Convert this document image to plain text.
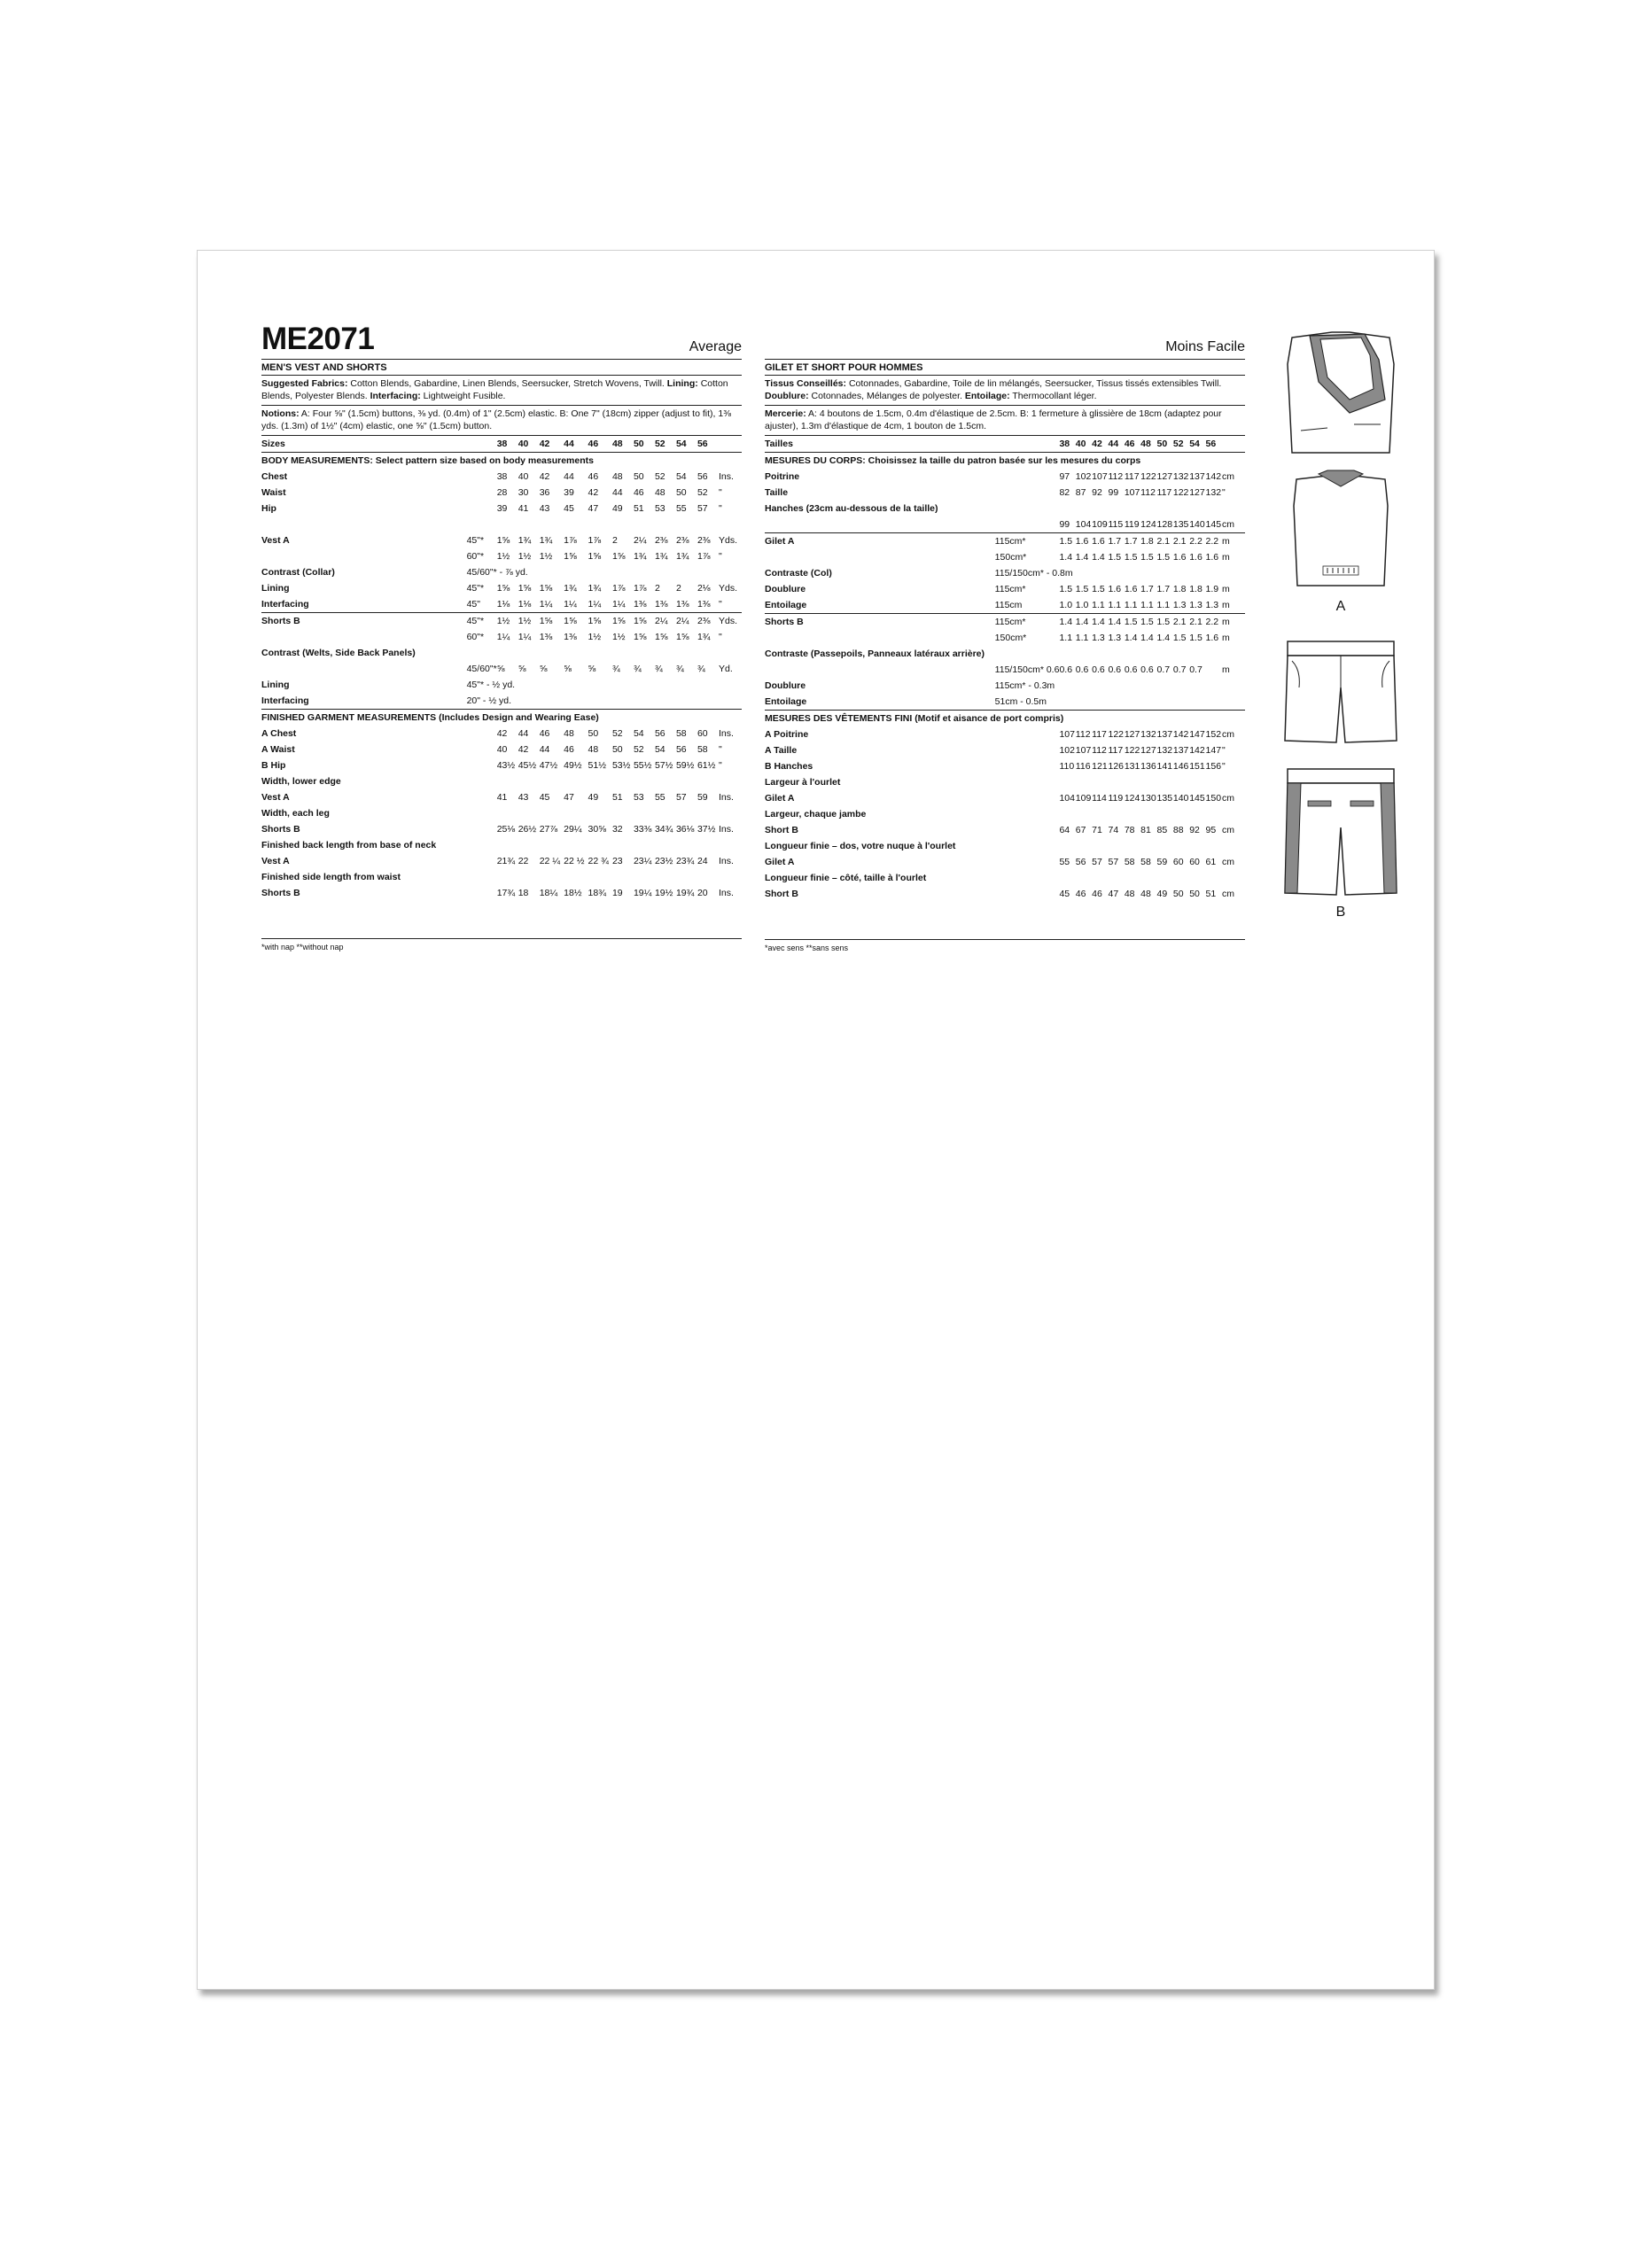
ME2071	Average
MEN'S VEST AND SHORTS
Suggested Fabrics: Cotton Blends, Gabardine, Linen Blends, Seersucker, Stretch Wovens, Twill. Lining: Cotton Blends, Polyester Blends. Interfacing: Lightweight Fusible.
Notions: A: Four ⅝" (1.5cm) buttons, ⅜ yd. (0.4m) of 1" (2.5cm) elastic. B: One 7" (18cm) zipper (adjust to fit), 1⅜ yds. (1.3m) of 1½" (4cm) elastic, one ⅝" (1.5cm) button.
Sizes		38	40	42	44	46	48	50	52	54	56	
BODY MEASUREMENTS: Select pattern size based on body measurements												
Chest		38	40	42	44	46	48	50	52	54	56	Ins.
Waist		28	30	36	39	42	44	46	48	50	52	"
Hip		39	41	43	45	47	49	51	53	55	57	"

Vest A	45"*	1⅝	1¾	1¾	1⅞	1⅞	2	2¼	2⅜	2⅜	2⅜	Yds.
	60"*	1½	1½	1½	1⅝	1⅝	1⅝	1¾	1¾	1¾	1⅞	"
Contrast (Collar)	45/60"* - ⅞ yd.											
Lining	45"*	1⅝	1⅝	1⅝	1¾	1¾	1⅞	1⅞	2	2	2⅛	Yds.
Interfacing	45"	1⅛	1⅛	1¼	1¼	1¼	1¼	1⅜	1⅜	1⅜	1⅜	"
Shorts B	45"*	1½	1½	1⅝	1⅝	1⅝	1⅝	1⅝	2¼	2¼	2⅜	Yds.
	60"*	1¼	1¼	1⅜	1⅜	1½	1½	1⅝	1⅝	1⅝	1¾	"
Contrast (Welts, Side Back Panels)												
	45/60"*	⅝	⅝	⅝	⅝	⅝	¾	¾	¾	¾	¾	Yd.
Lining	45"* - ½ yd.											
Interfacing	20" - ½ yd.											
FINISHED GARMENT MEASUREMENTS (Includes Design and Wearing Ease)												
A Chest		42	44	46	48	50	52	54	56	58	60	Ins.
A Waist		40	42	44	46	48	50	52	54	56	58	"
B Hip		43½	45½	47½	49½	51½	53½	55½	57½	59½	61½	"
Width, lower edge												
Vest A		41	43	45	47	49	51	53	55	57	59	Ins.
Width, each leg												
Shorts B		25⅛	26½	27⅞	29¼	30⅝	32	33⅜	34¾	36⅛	37½	Ins.
Finished back length from base of neck												
Vest A		21¾	22	22 ¼	22 ½	22 ¾	23	23¼	23½	23¾	24	Ins.
Finished side length from waist												
Shorts B		17¾	18	18¼	18½	18¾	19	19¼	19½	19¾	20	Ins.
*with nap **without nap
Moins Facile
GILET ET SHORT POUR HOMMES
Tissus Conseillés: Cotonnades, Gabardine, Toile de lin mélangés, Seersucker, Tissus tissés extensibles Twill. Doublure: Cotonnades, Mélanges de polyester. Entoilage: Thermocollant léger.
Mercerie: A: 4 boutons de 1.5cm, 0.4m d'élastique de 2.5cm. B: 1 fermeture à glissière de 18cm (adaptez pour ajuster), 1.3m d'élastique de 4cm, 1 bouton de 1.5cm.
Tailles		38	40	42	44	46	48	50	52	54	56	
MESURES DU CORPS: Choisissez la taille du patron basée sur les mesures du corps												
Poitrine		97	102	107	112	117	122	127	132	137	142	cm
Taille		82	87	92	99	107	112	117	122	127	132	"
Hanches (23cm au-dessous de la taille)												
		99	104	109	115	119	124	128	135	140	145	cm
Gilet A	115cm*	1.5	1.6	1.6	1.7	1.7	1.8	2.1	2.1	2.2	2.2	m
	150cm*	1.4	1.4	1.4	1.5	1.5	1.5	1.5	1.6	1.6	1.6	m
Contraste (Col)	115/150cm* - 0.8m											
Doublure	115cm*	1.5	1.5	1.5	1.6	1.6	1.7	1.7	1.8	1.8	1.9	m
Entoilage	115cm	1.0	1.0	1.1	1.1	1.1	1.1	1.1	1.3	1.3	1.3	m
Shorts B	115cm*	1.4	1.4	1.4	1.4	1.5	1.5	1.5	2.1	2.1	2.2	m
	150cm*	1.1	1.1	1.3	1.3	1.4	1.4	1.4	1.5	1.5	1.6	m
Contraste (Passepoils, Panneaux latéraux arrière)												
	115/150cm* 0.6	0.6	0.6	0.6	0.6	0.6	0.6	0.7	0.7	0.7		m
Doublure	115cm* - 0.3m											
Entoilage	51cm - 0.5m											
MESURES DES VÊTEMENTS FINI (Motif et aisance de port compris)												
A Poitrine		107	112	117	122	127	132	137	142	147	152	cm
A Taille		102	107	112	117	122	127	132	137	142	147	"
B Hanches		110	116	121	126	131	136	141	146	151	156	"
Largeur à l'ourlet												
Gilet A		104	109	114	119	124	130	135	140	145	150	cm
Largeur, chaque jambe												
Short B		64	67	71	74	78	81	85	88	92	95	cm
Longueur finie – dos, votre nuque à l'ourlet												
Gilet A		55	56	57	57	58	58	59	60	60	61	cm
Longueur finie – côté, taille à l'ourlet												
Short B		45	46	46	47	48	48	49	50	50	51	cm
*avec sens **sans sens
A
B
